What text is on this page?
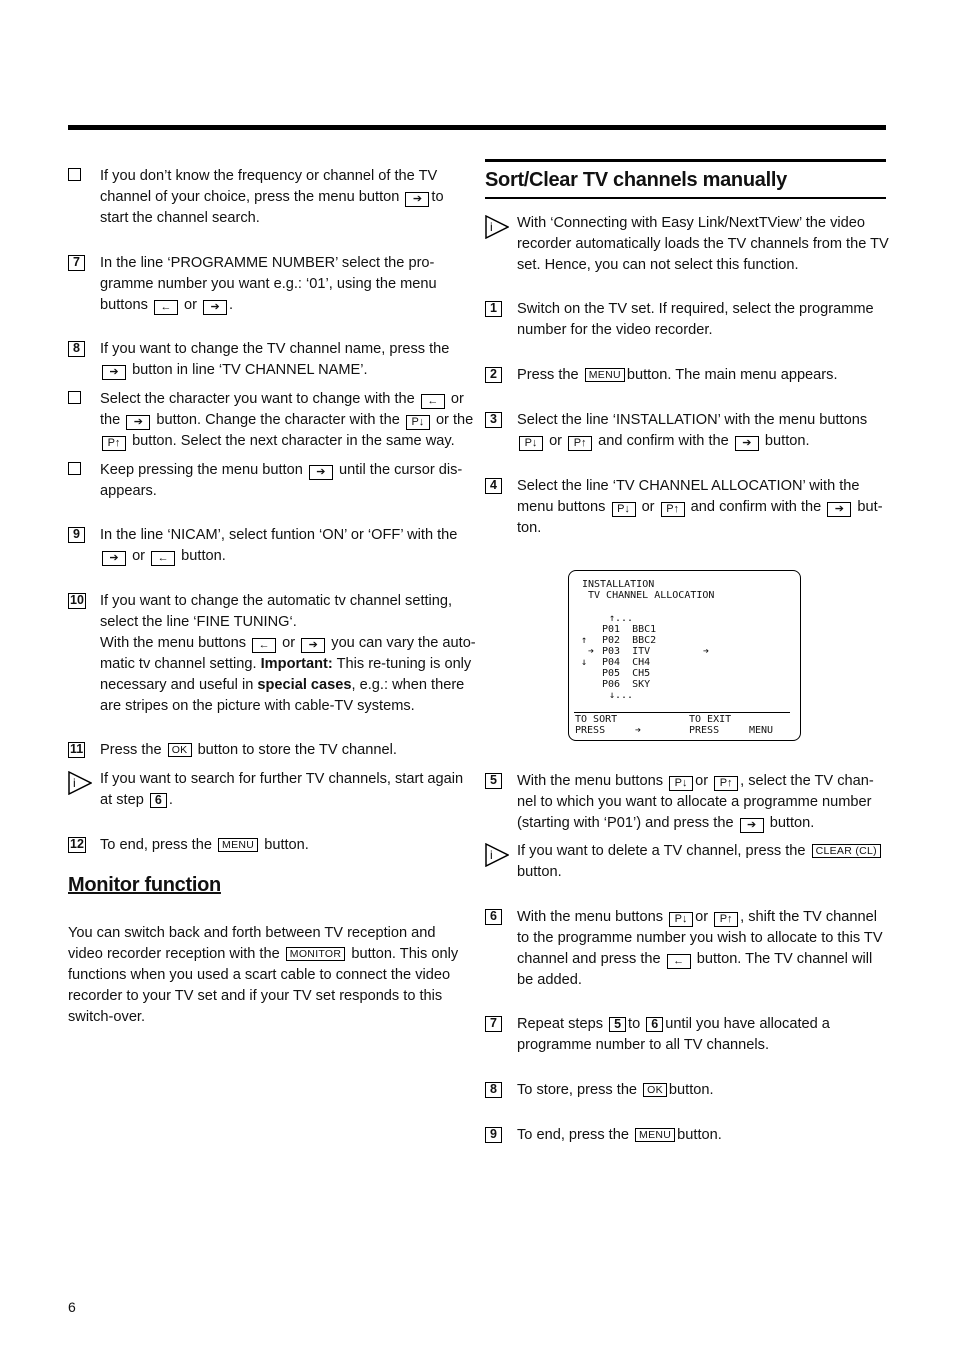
If you don’t know the frequency or channel of the TV
channel of your choice, press the menu button ➔ to
start the channel search.
7	In the line ‘PROGRAMME NUMBER’ select the pro-
gramme number you want e.g.: ‘01’, using the menu
buttons ← or ➔ .
8	If you want to change the TV channel name, press the
➔ button in line ‘TV CHANNEL NAME’.
Select the character you want to change with the ← or
the ➔ button. Change the character with the P↓ or the
P↑ button. Select the next character in the same way.
Keep pressing the menu button ➔ until the cursor dis-
appears.
9	In the line ‘NICAM’, select funtion ‘ON’ or ‘OFF’ with the
➔ or ← button.
10 If you want to change the automatic tv channel setting,
select the line ‘FINE TUNING‘.
With the menu buttons ← or ➔ you can vary the auto-
matic tv channel setting. Important: This re-tuning is only
necessary and useful in special cases, e.g.: when there
are stripes on the picture with cable-TV systems.
11 Press the OK button to store the TV channel.
i If you want to search for further TV channels, start again
at step 6 .
12 To end, press the MENU button.
Monitor function
You can switch back and forth between TV reception and
video recorder reception with the MONITOR button. This only
functions when you used a scart cable to connect the video
recorder to your TV set and if your TV set responds to this
switch-over.
Sort/Clear TV channels manually
i With ‘Connecting with Easy Link/NextTView’ the video
recorder automatically loads the TV channels from the TV
set. Hence, you can not select this function.
1	Switch on the TV set. If required, select the programme
number for the video recorder.
2	Press the MENU button. The main menu appears.
3	Select the line ‘INSTALLATION’ with the menu buttons
P↓ or P↑ and confirm with the ➔ button.
4	Select the line ‘TV CHANNEL ALLOCATION’ with the
menu buttons P↓ or P↑ and confirm with the ➔ but-
ton.
INSTALLATION
TV CHANNEL ALLOCATION
↑...
P01  BBC1
↑ P02  BBC2
➔ P03  ITV	➔
↓ P04  CH4
P05  CH5
P06  SKY
↓...
TO SORT	TO EXIT
PRESS	➔	PRESS	MENU
5	With the menu buttons P↓ or P↑ , select the TV chan-
nel to which you want to allocate a programme number
(starting with ‘P01’) and press the ➔ button.
i If you want to delete a TV channel, press the CLEAR (CL)
button.
6	With the menu buttons P↓ or P↑ , shift the TV channel
to the programme number you wish to allocate to this TV
channel and press the ← button. The TV channel will
be added.
7	Repeat steps 5 to 6 until you have allocated a
programme number to all TV channels.
8	To store, press the OK button.
9	To end, press the MENU button.
6
